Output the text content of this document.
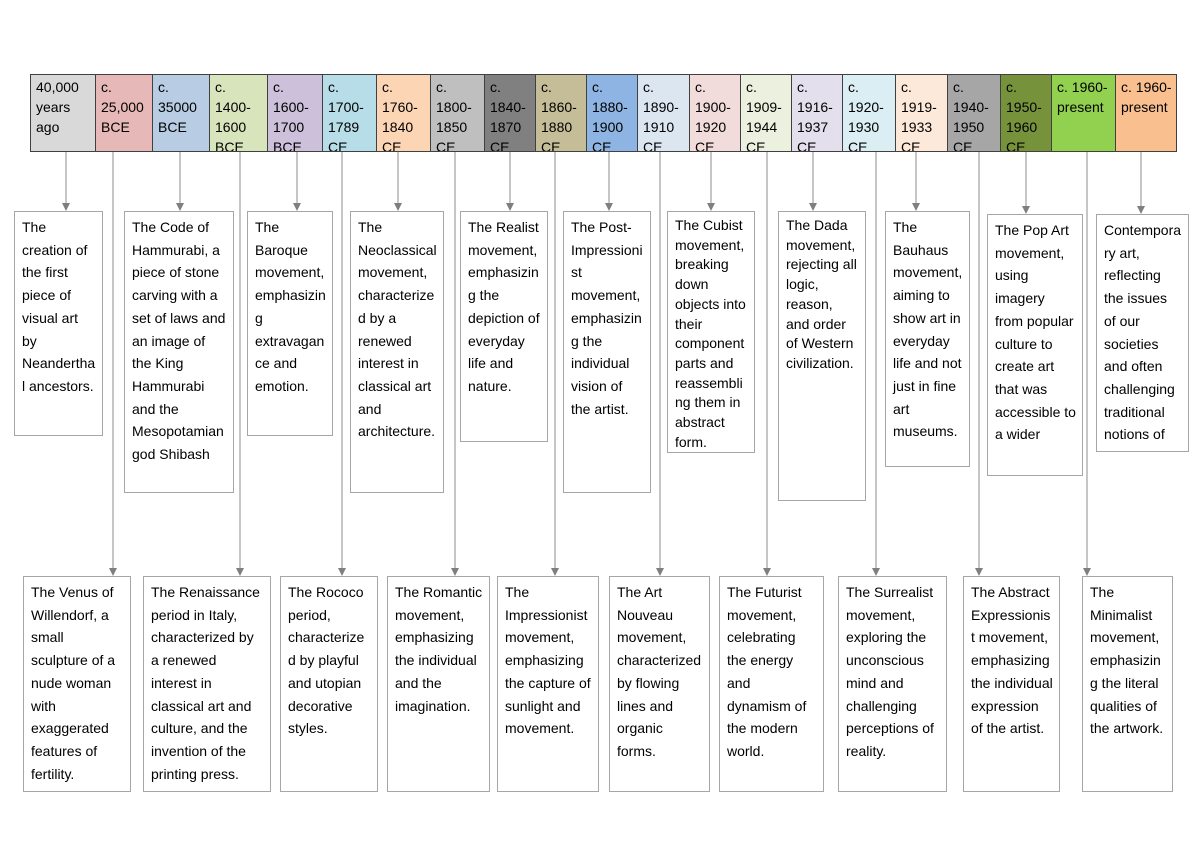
40,000 years ago
c. 25,000 BCE
c. 35000 BCE
c. 1400-1600 BCE
c. 1600-1700 BCE
c. 1700-1789 CE
c. 1760-1840 CE
c. 1800-1850 CE
c. 1840-1870 CE
c. 1860-1880 CE
c. 1880-1900 CE
c. 1890-1910 CE
c. 1900-1920 CE
c. 1909-1944 CE
c. 1916-1937 CE
c. 1920-1930 CE
c. 1919-1933 CE
c. 1940-1950 CE
c. 1950-1960 CE
c. 1960-present
c. 1960-present
The creation of the first piece of visual art by Neanderthal ancestors.
The Code of Hammurabi, a piece of stone carving with a set of laws and an image of the King Hammurabi and the Mesopotamian god Shibash
The Baroque movement, emphasizing extravagance and emotion.
The Neoclassical movement, characterized by a renewed interest in classical art and architecture.
The Realist movement, emphasizing the depiction of everyday life and nature.
The Post-Impressionist movement, emphasizing the individual vision of the artist.
The Cubist movement, breaking down objects into their component parts and reassembling them in abstract form.
The Dada movement, rejecting all logic, reason, and order of Western civilization.
The Bauhaus movement, aiming to show art in everyday life and not just in fine art museums.
The Pop Art movement, using imagery from popular culture to create art that was accessible to a wider
Contemporary art, reflecting the issues of our societies and often challenging traditional notions of
The Venus of Willendorf, a small sculpture of a nude woman with exaggerated features of fertility.
The Renaissance period in Italy, characterized by a renewed interest in classical art and culture, and the invention of the printing press.
The Rococo period, characterized by playful and utopian decorative styles.
The Romantic movement, emphasizing the individual and the imagination.
The Impressionist movement, emphasizing the capture of sunlight and movement.
The Art Nouveau movement, characterized by flowing lines and organic forms.
The Futurist movement, celebrating the energy and dynamism of the modern world.
The Surrealist movement, exploring the unconscious mind and challenging perceptions of reality.
The Abstract Expressionist movement, emphasizing the individual expression of the artist.
The Minimalist movement, emphasizing the literal qualities of the artwork.
